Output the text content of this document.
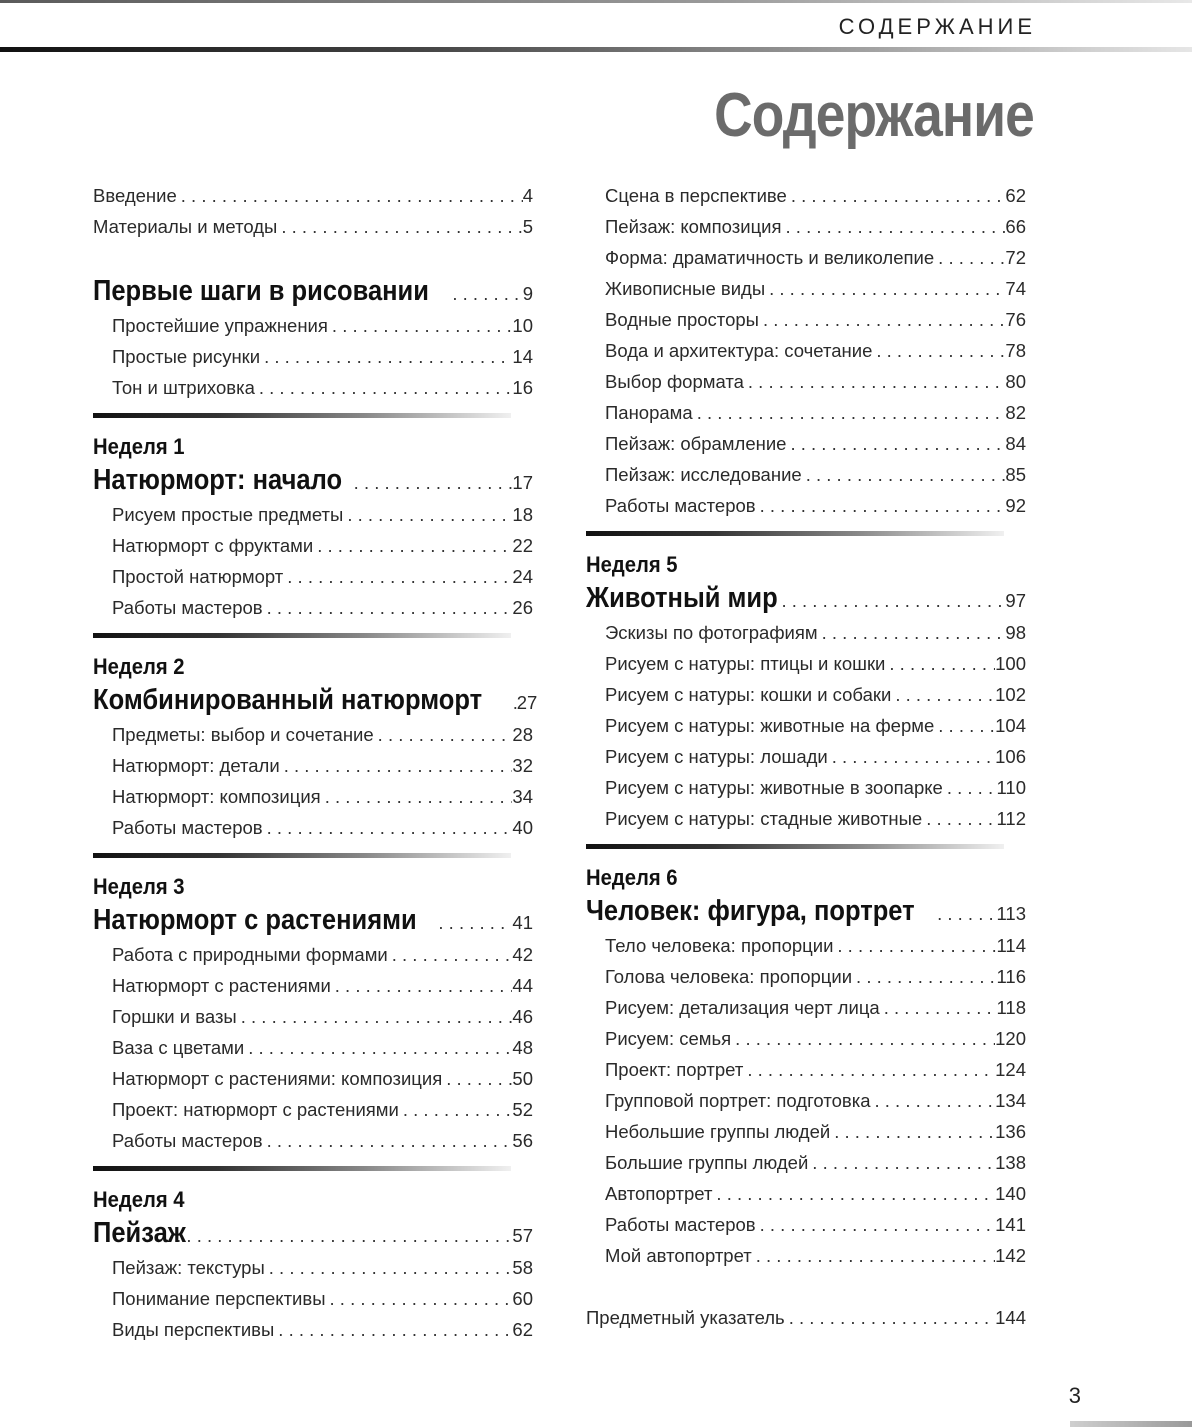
СОДЕРЖАНИЕ
Содержание
Введение . . .	4
Материалы и методы . . .	5
Первые шаги в рисовании . . .	9
Простейшие упражнения . . .	10
Простые рисунки . . .	14
Тон и штриховка . . .	16
Неделя 1
Натюрморт: начало . . .	17
Рисуем простые предметы . . .	18
Натюрморт с фруктами . . .	22
Простой натюрморт . . .	24
Работы мастеров . . .	26
Неделя 2
Комбинированный натюрморт . . . 27
Предметы: выбор и сочетание . . .	28
Натюрморт: детали . . .	32
Натюрморт: композиция . . .	34
Работы мастеров . . .	40
Неделя 3
Натюрморт с растениями . . .	41
Работа с природными формами . . .	42
Натюрморт с растениями . . .	44
Горшки и вазы . . .	46
Ваза с цветами . . .	48
Натюрморт с растениями: композиция . . .	50
Проект: натюрморт с растениями . . .	52
Работы мастеров . . .	56
Неделя 4
Пейзаж . . .	57
Пейзаж: текстуры . . .	58
Понимание перспективы . . .	60
Виды перспективы . . .	62
Сцена в перспективе . . .	62
Пейзаж: композиция . . .	66
Форма: драматичность и великолепие . . .	72
Живописные виды . . .	74
Водные просторы . . .	76
Вода и архитектура: сочетание . . .	78
Выбор формата . . .	80
Панорама . . .	82
Пейзаж: обрамление . . .	84
Пейзаж: исследование . . .	85
Работы мастеров . . .	92
Неделя 5
Животный мир . . .	97
Эскизы по фотографиям . . .	98
Рисуем с натуры: птицы и кошки . . .	100
Рисуем с натуры: кошки и собаки . . .	102
Рисуем с натуры: животные на ферме . . .	104
Рисуем с натуры: лошади . . .	106
Рисуем с натуры: животные в зоопарке . . .	110
Рисуем с натуры: стадные животные . . .	112
Неделя 6
Человек: фигура, портрет . . .	113
Тело человека: пропорции . . .	114
Голова человека: пропорции . . .	116
Рисуем: детализация черт лица . . .	118
Рисуем: семья . . .	120
Проект: портрет . . .	124
Групповой портрет: подготовка . . .	134
Небольшие группы людей . . .	136
Большие группы людей . . .	138
Автопортрет . . .	140
Работы мастеров . . .	141
Мой автопортрет . . .	142
Предметный указатель . . .	144
3
